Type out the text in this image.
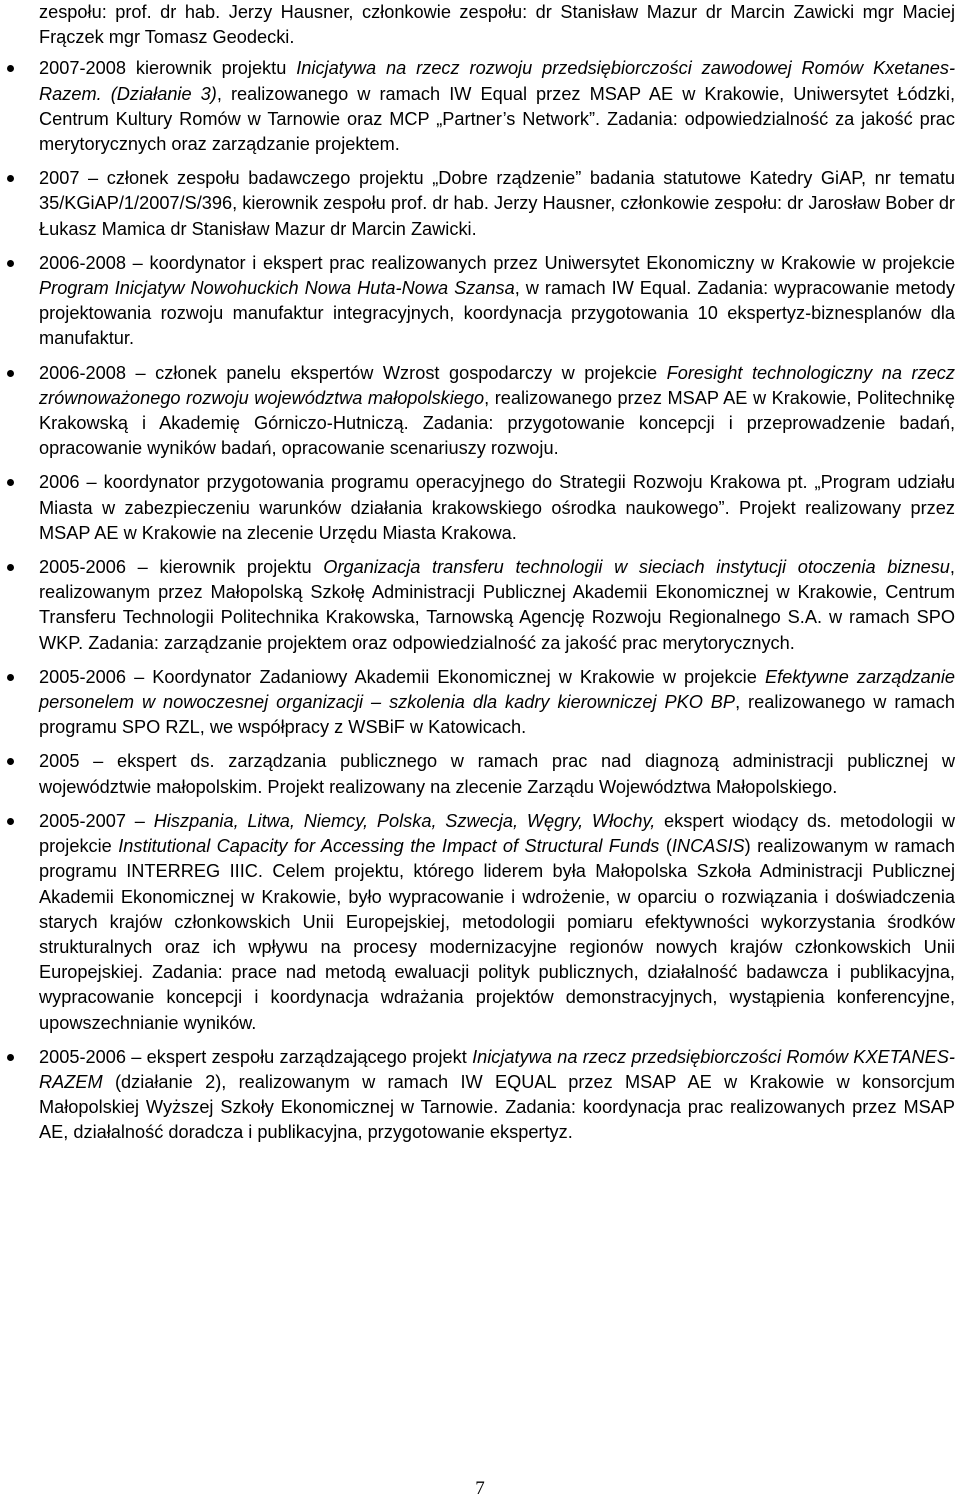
zespołu: prof. dr hab. Jerzy Hausner, członkowie zespołu: dr Stanisław Mazur dr Marcin Zawicki mgr Maciej Frączek mgr Tomasz Geodecki.
2007-2008 kierownik projektu Inicjatywa na rzecz rozwoju przedsiębiorczości zawodowej Romów Kxetanes-Razem. (Działanie 3), realizowanego w ramach IW Equal przez MSAP AE w Krakowie, Uniwersytet Łódzki, Centrum Kultury Romów w Tarnowie oraz MCP „Partner’s Network”. Zadania: odpowiedzialność za jakość prac merytorycznych oraz zarządzanie projektem.
2007 – członek zespołu badawczego projektu „Dobre rządzenie” badania statutowe Katedry GiAP, nr tematu 35/KGiAP/1/2007/S/396, kierownik zespołu prof. dr hab. Jerzy Hausner, członkowie zespołu: dr Jarosław Bober dr Łukasz Mamica dr Stanisław Mazur dr Marcin Zawicki.
2006-2008 – koordynator i ekspert prac realizowanych przez Uniwersytet Ekonomiczny w Krakowie w projekcie Program Inicjatyw Nowohuckich Nowa Huta-Nowa Szansa, w ramach IW Equal. Zadania: wypracowanie metody projektowania rozwoju manufaktur integracyjnych, koordynacja przygotowania 10 ekspertyz-biznesplanów dla manufaktur.
2006-2008 – członek panelu ekspertów Wzrost gospodarczy w projekcie Foresight technologiczny na rzecz zrównoważonego rozwoju województwa małopolskiego, realizowanego przez MSAP AE w Krakowie, Politechnikę Krakowską i Akademię Górniczo-Hutniczą. Zadania: przygotowanie koncepcji i przeprowadzenie badań, opracowanie wyników badań, opracowanie scenariuszy rozwoju.
2006 – koordynator przygotowania programu operacyjnego do Strategii Rozwoju Krakowa pt. „Program udziału Miasta w zabezpieczeniu warunków działania krakowskiego ośrodka naukowego”. Projekt realizowany przez MSAP AE w Krakowie na zlecenie Urzędu Miasta Krakowa.
2005-2006 – kierownik projektu Organizacja transferu technologii w sieciach instytucji otoczenia biznesu, realizowanym przez Małopolską Szkołę Administracji Publicznej Akademii Ekonomicznej w Krakowie, Centrum Transferu Technologii Politechnika Krakowska, Tarnowską Agencję Rozwoju Regionalnego S.A. w ramach SPO WKP. Zadania: zarządzanie projektem oraz odpowiedzialność za jakość prac merytorycznych.
2005-2006 – Koordynator Zadaniowy Akademii Ekonomicznej w Krakowie w projekcie Efektywne zarządzanie personelem w nowoczesnej organizacji – szkolenia dla kadry kierowniczej PKO BP, realizowanego w ramach programu SPO RZL, we współpracy z WSBiF w Katowicach.
2005 – ekspert ds. zarządzania publicznego w ramach prac nad diagnozą administracji publicznej w województwie małopolskim. Projekt realizowany na zlecenie Zarządu Województwa Małopolskiego.
2005-2007 – Hiszpania, Litwa, Niemcy, Polska, Szwecja, Węgry, Włochy, ekspert wiodący ds. metodologii w projekcie Institutional Capacity for Accessing the Impact of Structural Funds (INCASIS) realizowanym w ramach programu INTERREG IIIC. Celem projektu, którego liderem była Małopolska Szkoła Administracji Publicznej Akademii Ekonomicznej w Krakowie, było wypracowanie i wdrożenie, w oparciu o rozwiązania i doświadczenia starych krajów członkowskich Unii Europejskiej, metodologii pomiaru efektywności wykorzystania środków strukturalnych oraz ich wpływu na procesy modernizacyjne regionów nowych krajów członkowskich Unii Europejskiej. Zadania: prace nad metodą ewaluacji polityk publicznych, działalność badawcza i publikacyjna, wypracowanie koncepcji i koordynacja wdrażania projektów demonstracyjnych, wystąpienia konferencyjne, upowszechnianie wyników.
2005-2006 – ekspert zespołu zarządzającego projekt Inicjatywa na rzecz przedsiębiorczości Romów KXETANES-RAZEM (działanie 2), realizowanym w ramach IW EQUAL przez MSAP AE w Krakowie w konsorcjum Małopolskiej Wyższej Szkoły Ekonomicznej w Tarnowie. Zadania: koordynacja prac realizowanych przez MSAP AE, działalność doradcza i publikacyjna, przygotowanie ekspertyz.
7
